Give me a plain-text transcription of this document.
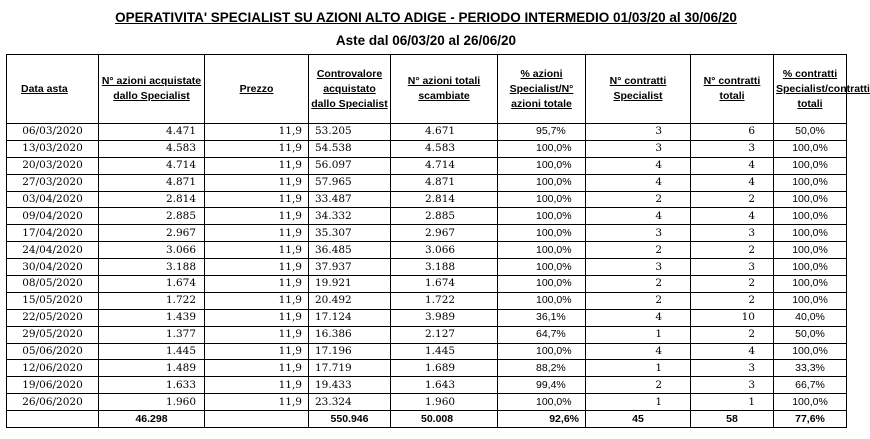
OPERATIVITA' SPECIALIST SU AZIONI ALTO ADIGE - PERIODO INTERMEDIO 01/03/20 al 30/06/20
Aste dal 06/03/20 al 26/06/20
Data asta	N° azioni acquistate dallo Specialist	Prezzo	Controvalore acquistato dallo Specialist	N° azioni totali scambiate	% azioni Specialist/N° azioni totale	N° contratti Specialist	N° contratti totali	% contratti Specialist/contratti totali
06/03/2020	4.471	11,9	53.205	4.671	95,7%	3	6	50,0%
13/03/2020	4.583	11,9	54.538	4.583	100,0%	3	3	100,0%
20/03/2020	4.714	11,9	56.097	4.714	100,0%	4	4	100,0%
27/03/2020	4.871	11,9	57.965	4.871	100,0%	4	4	100,0%
03/04/2020	2.814	11,9	33.487	2.814	100,0%	2	2	100,0%
09/04/2020	2.885	11,9	34.332	2.885	100,0%	4	4	100,0%
17/04/2020	2.967	11,9	35.307	2.967	100,0%	3	3	100,0%
24/04/2020	3.066	11,9	36.485	3.066	100,0%	2	2	100,0%
30/04/2020	3.188	11,9	37.937	3.188	100,0%	3	3	100,0%
08/05/2020	1.674	11,9	19.921	1.674	100,0%	2	2	100,0%
15/05/2020	1.722	11,9	20.492	1.722	100,0%	2	2	100,0%
22/05/2020	1.439	11,9	17.124	3.989	36,1%	4	10	40,0%
29/05/2020	1.377	11,9	16.386	2.127	64,7%	1	2	50,0%
05/06/2020	1.445	11,9	17.196	1.445	100,0%	4	4	100,0%
12/06/2020	1.489	11,9	17.719	1.689	88,2%	1	3	33,3%
19/06/2020	1.633	11,9	19.433	1.643	99,4%	2	3	66,7%
26/06/2020	1.960	11,9	23.324	1.960	100,0%	1	1	100,0%
	46.298		550.946	50.008	92,6%	45	58	77,6%
